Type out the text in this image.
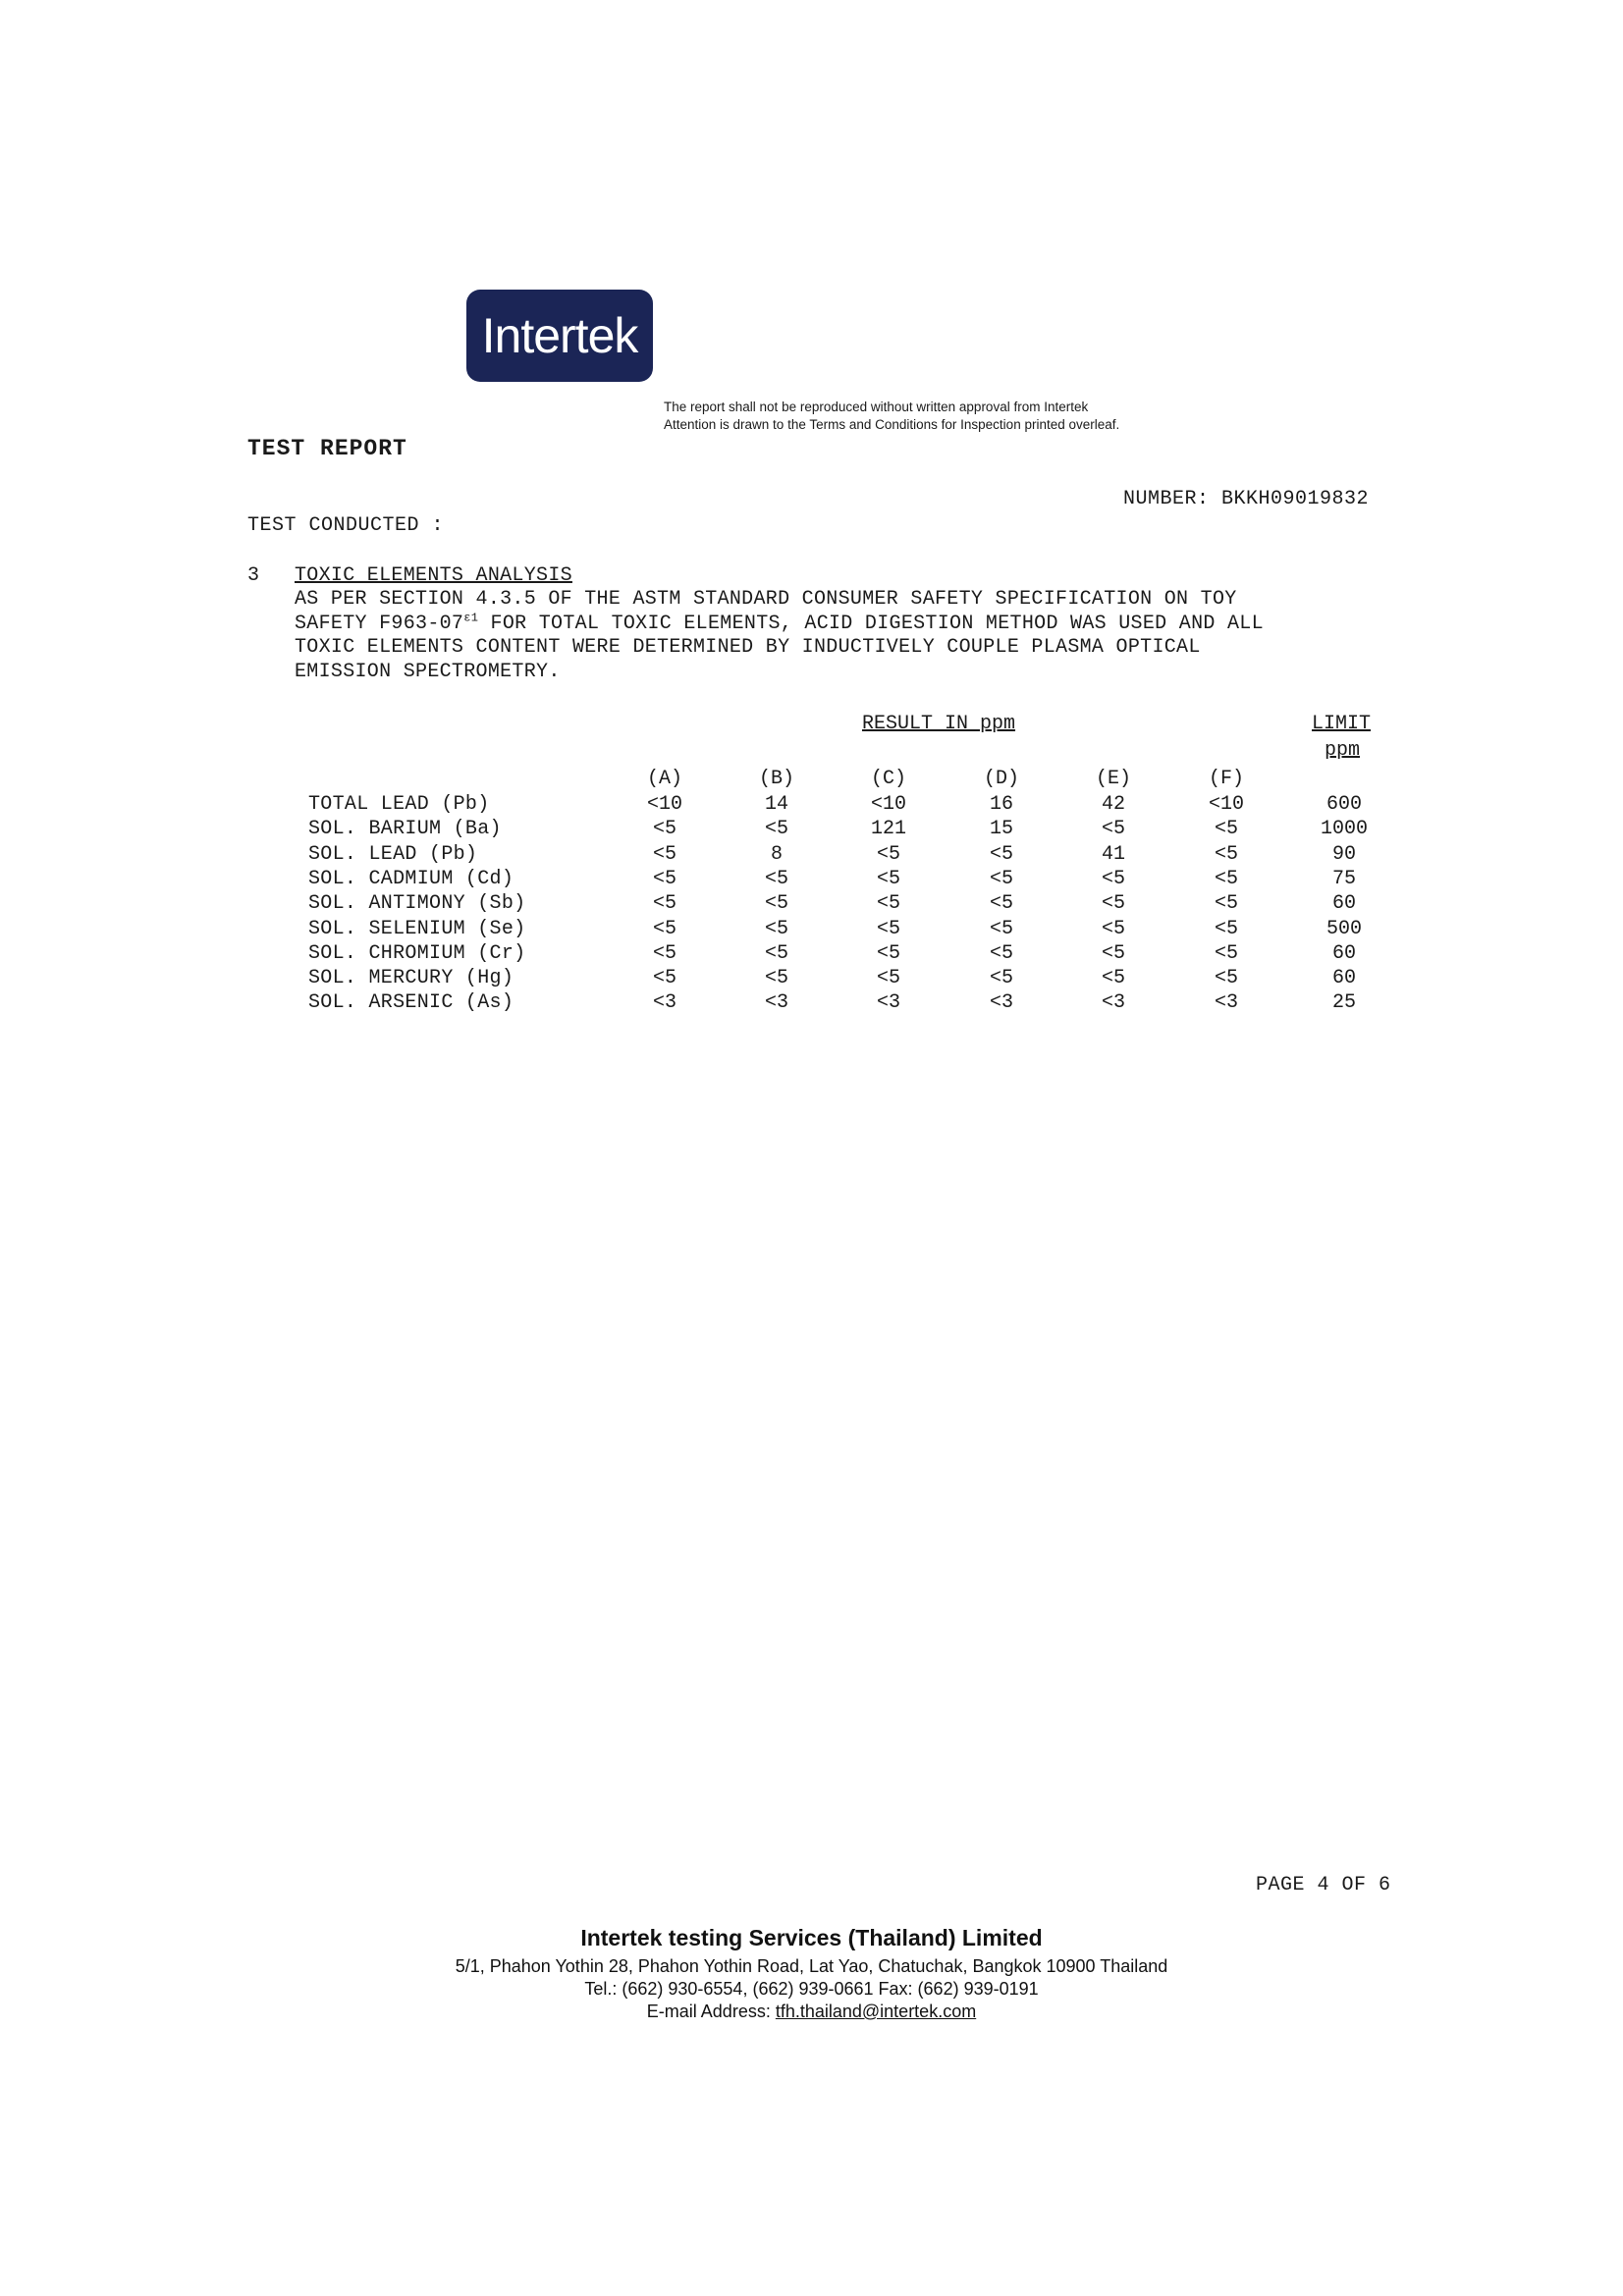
Intertek
The report shall not be reproduced without written approval from Intertek
Attention is drawn to the Terms and Conditions for Inspection printed overleaf.
TEST REPORT
NUMBER: BKKH09019832
TEST CONDUCTED :
3 TOXIC ELEMENTS ANALYSIS
AS PER SECTION 4.3.5 OF THE ASTM STANDARD CONSUMER SAFETY SPECIFICATION ON TOY
SAFETY $F963-07^{\varepsilon 1}$ FOR TOTAL TOXIC ELEMENTS, ACID DIGESTION METHOD WAS USED AND ALL
TOXIC ELEMENTS CONTENT WERE DETERMINED BY INDUCTIVELY COUPLE PLASMA OPTICAL
EMISSION SPECTROMETRY.
RESULT IN ppm	LIMIT
ppm
(A)	(B)	(C)	(D)	(E)	(F)
TOTAL LEAD (Pb)	<10	14	<10	16	42	<10	600
SOL. BARIUM (Ba)	<5	<5	121	15	<5	<5	1000
SOL. LEAD (Pb)	<5	8	<5	<5	41	<5	90
SOL. CADMIUM (Cd)	<5	<5	<5	<5	<5	<5	75
SOL. ANTIMONY (Sb)	<5	<5	<5	<5	<5	<5	60
SOL. SELENIUM (Se)	<5	<5	<5	<5	<5	<5	500
SOL. CHROMIUM (Cr)	<5	<5	<5	<5	<5	<5	60
SOL. MERCURY (Hg)	<5	<5	<5	<5	<5	<5	60
SOL. ARSENIC (As)	<3	<3	<3	<3	<3	<3	25
PAGE 4 OF 6
Intertek testing Services (Thailand) Limited
5/1, Phahon Yothin 28, Phahon Yothin Road, Lat Yao, Chatuchak, Bangkok 10900 Thailand
Tel.: (662) 930-6554, (662) 939-0661 Fax: (662) 939-0191
E-mail Address: tfh.thailand@intertek.com
